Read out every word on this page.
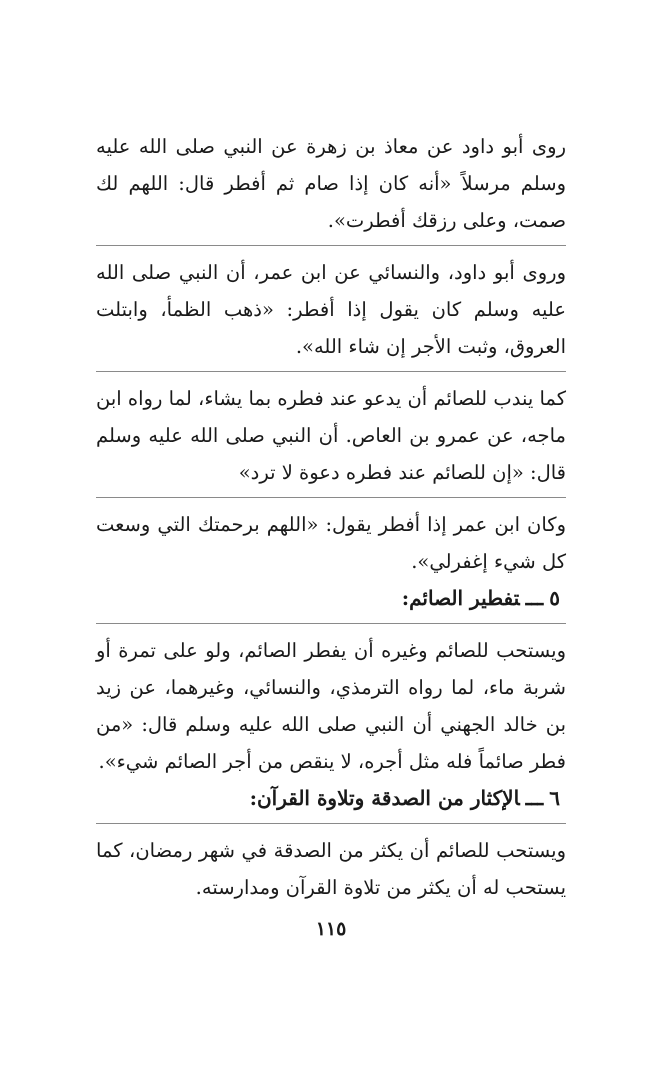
روى أبو داود عن معاذ بن زهرة عن النبي صلى الله عليه وسلم مرسلاً «أنه كان إذا صام ثم أفطر قال: اللهم لك صمت، وعلى رزقك أفطرت».

وروى أبو داود، والنسائي عن ابن عمر، أن النبي صلى الله عليه وسلم كان يقول إذا أفطر: «ذهب الظمأ، وابتلت العروق، وثبت الأجر إن شاء الله».

كما يندب للصائم أن يدعو عند فطره بما يشاء، لما رواه ابن ماجه، عن عمرو بن العاص. أن النبي صلى الله عليه وسلم قال: «إن للصائم عند فطره دعوة لا ترد»

وكان ابن عمر إذا أفطر يقول: «اللهم برحمتك التي وسعت كل شيء إغفرلي».

٥ـــتفطير الصائم:

ويستحب للصائم وغيره أن يفطر الصائم، ولو على تمرة أو شربة ماء، لما رواه الترمذي، والنسائي، وغيرهما، عن زيد بن خالد الجهني أن النبي صلى الله عليه وسلم قال: «من فطر صائماً فله مثل أجره، لا ينقص من أجر الصائم شيء».

٦ـــالإكثار من الصدقة وتلاوة القرآن:

ويستحب للصائم أن يكثر من الصدقة في شهر رمضان، كما يستحب له أن يكثر من تلاوة القرآن ومدارسته.

١١٥
